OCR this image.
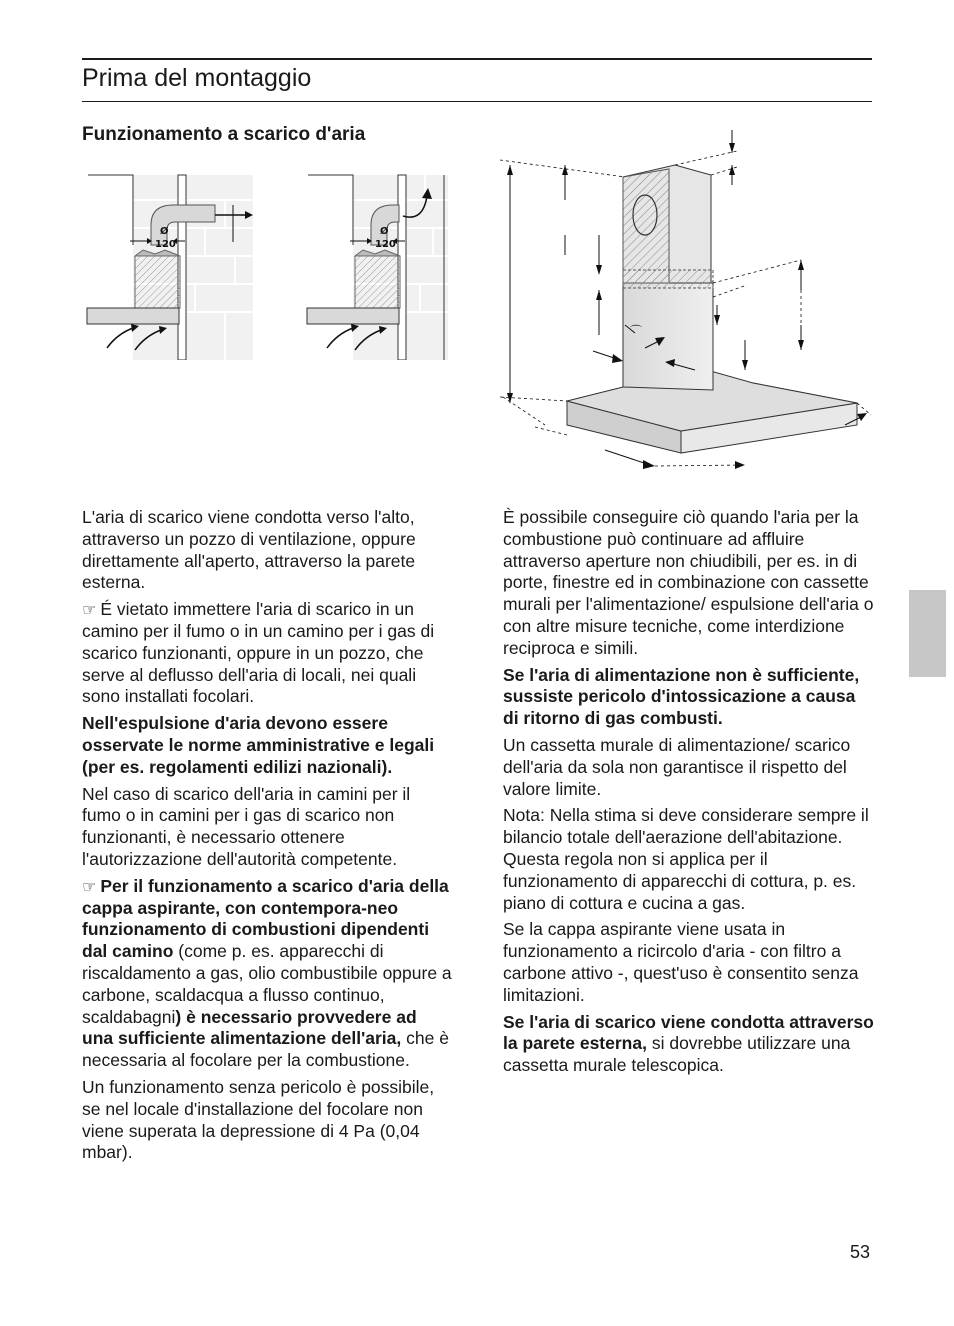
Prima del montaggio
Funzionamento a scarico d'aria
Ø
120
Ø
120
⌒

L'aria di scarico viene condotta verso l'alto, attraverso un pozzo di ventilazione, oppure direttamente all'aperto, attraverso la parete esterna.

☞ É vietato immettere l'aria di scarico in un camino per il fumo o in un camino per i gas di scarico funzionanti, oppure in un pozzo, che serve al deflusso dell'aria di locali, nei quali sono installati focolari.

Nell'espulsione d'aria devono essere osservate le norme amministrative e legali (per es. regolamenti edilizi nazionali).

Nel caso di scarico dell'aria in camini per il fumo o in camini per i gas di scarico non funzionanti, è necessario ottenere l'autorizzazione dell'autorità competente.

☞ Per il funzionamento a scarico d'aria della cappa aspirante, con contempora-neo funzionamento di combustioni dipendenti dal camino (come p. es. apparecchi di riscaldamento a gas, olio combustibile oppure a carbone, scaldacqua a flusso continuo, scaldabagni) è necessario provvedere ad una sufficiente alimentazione dell'aria, che è necessaria al focolare per la combustione.

Un funzionamento senza pericolo è possibile, se nel locale d'installazione del focolare non viene superata la depressione di 4 Pa (0,04 mbar).

È possibile conseguire ciò quando l'aria per la combustione può continuare ad affluire attraverso aperture non chiudibili, per es. in di porte, finestre ed in combinazione con cassette murali per l'alimentazione/ espulsione dell'aria o con altre misure tecniche, come interdizione reciproca e simili.

Se l'aria di alimentazione non è sufficiente, sussiste pericolo d'intossicazione a causa di ritorno di gas combusti.

Un cassetta murale di alimentazione/ scarico dell'aria da sola non garantisce il rispetto del valore limite.

Nota: Nella stima si deve considerare sempre il bilancio totale dell'aerazione dell'abitazione. Questa regola non si applica per il funzionamento di apparecchi di cottura, p. es. piano di cottura e cucina a gas.

Se la cappa aspirante viene usata in funzionamento a ricircolo d'aria - con filtro a carbone attivo -, quest'uso è consentito senza limitazioni.

Se l'aria di scarico viene condotta attraverso la parete esterna, si dovrebbe utilizzare una cassetta murale telescopica.

53
